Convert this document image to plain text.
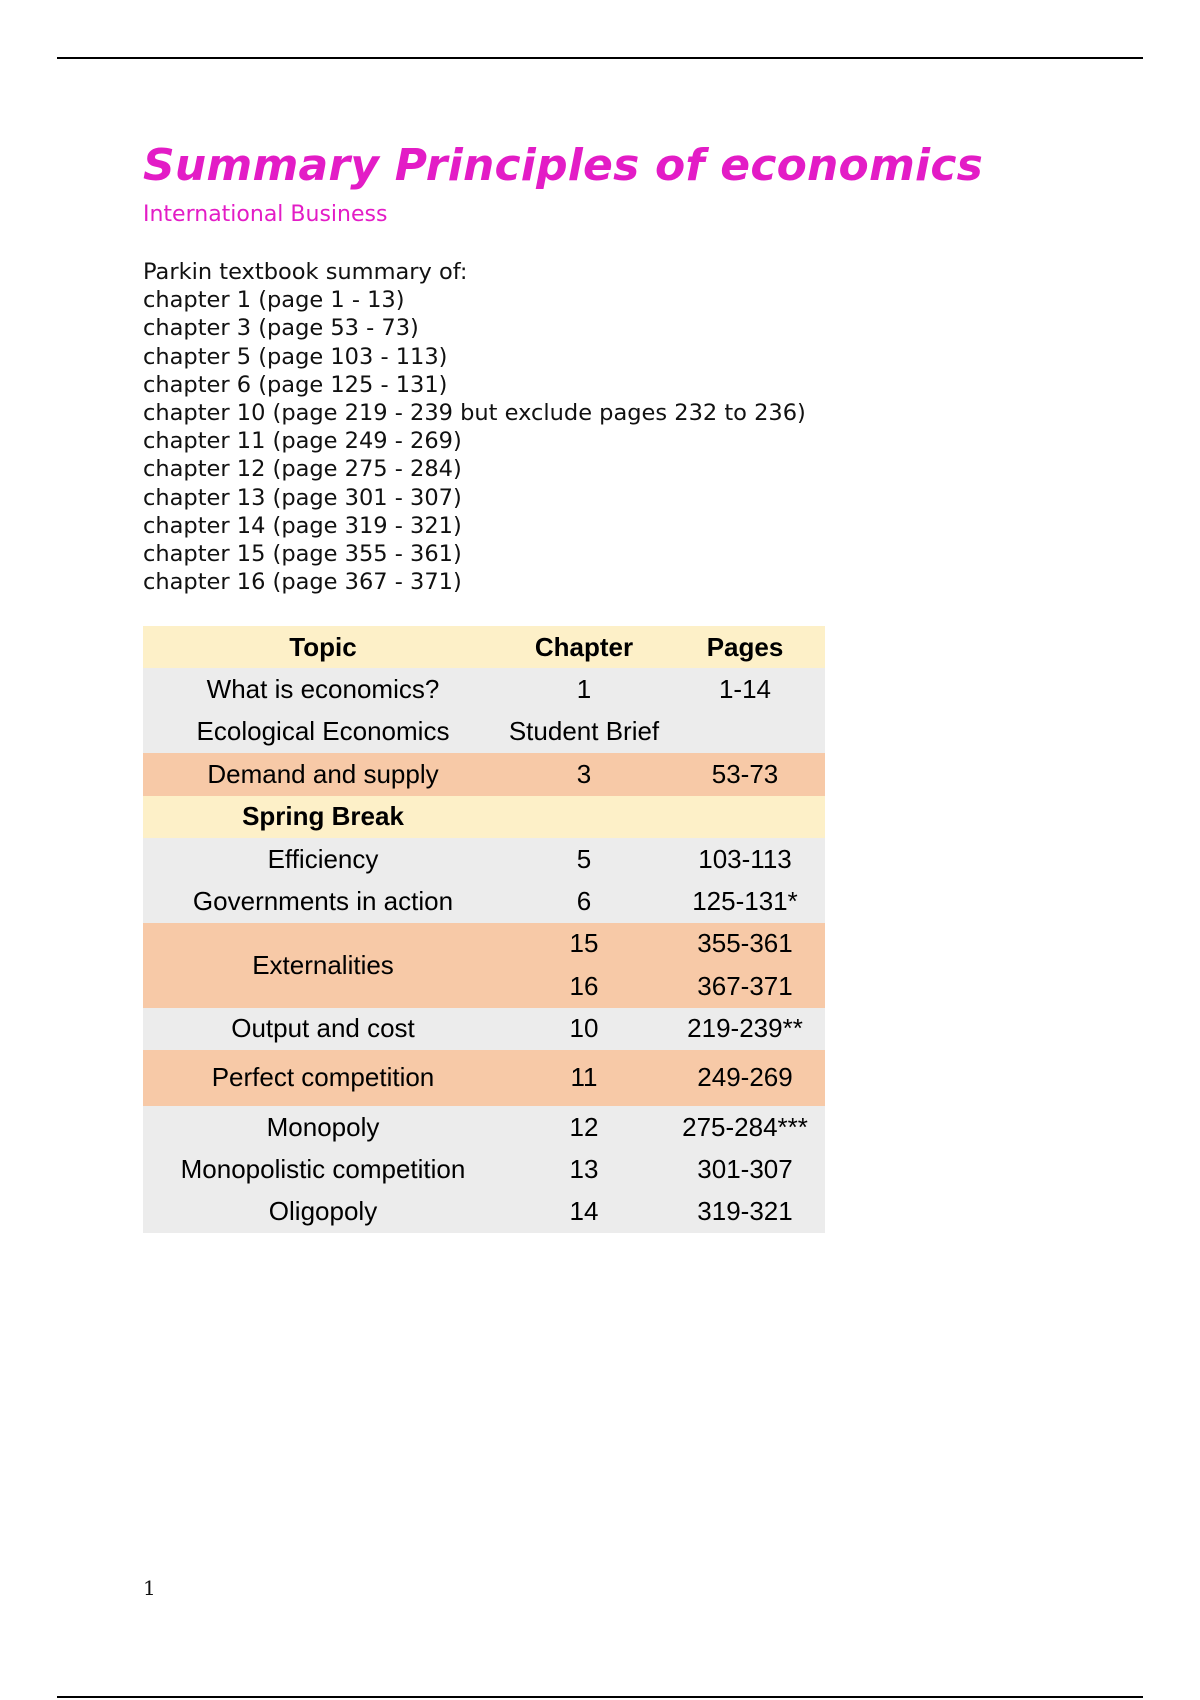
Summary Principles of economics
International Business
Parkin textbook summary of:
chapter 1 (page 1 - 13)
chapter 3 (page 53 - 73)
chapter 5 (page 103 - 113)
chapter 6 (page 125 - 131)
chapter 10 (page 219 - 239 but exclude pages 232 to 236)
chapter 11 (page 249 - 269)
chapter 12 (page 275 - 284)
chapter 13 (page 301 - 307)
chapter 14 (page 319 - 321)
chapter 15 (page 355 - 361)
chapter 16 (page 367 - 371)
Topic	Chapter	Pages
What is economics?	1	1-14
Ecological Economics	Student Brief	
Demand and supply	3	53-73
Spring Break		
Efficiency	5	103-113
Governments in action	6	125-131*
Externalities	15	355-361
	16	367-371
Output and cost	10	219-239**
Perfect competition	11	249-269
Monopoly	12	275-284***
Monopolistic competition	13	301-307
Oligopoly	14	319-321
1
